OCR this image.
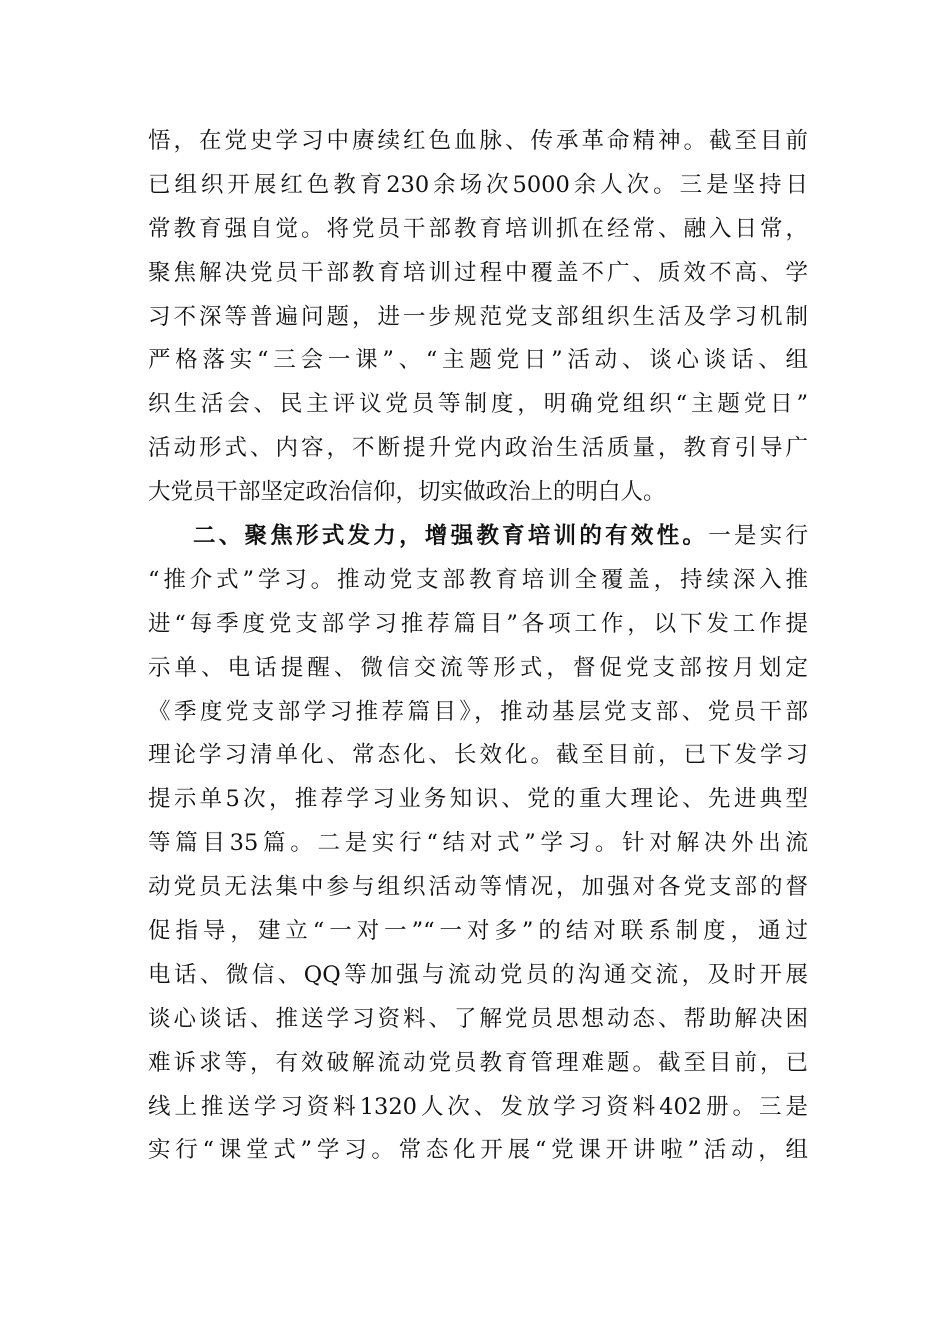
悟，在党史学习中赓续红色血脉、传承革命精神。截至目前
已组织开展红色教育230余场次5000余人次。三是坚持日
常教育强自觉。将党员干部教育培训抓在经常、融入日常，
聚焦解决党员干部教育培训过程中覆盖不广、质效不高、学
习不深等普遍问题，进一步规范党支部组织生活及学习机制
严格落实“三会一课”、“主题党日”活动、谈心谈话、组
织生活会、民主评议党员等制度，明确党组织“主题党日”
活动形式、内容，不断提升党内政治生活质量，教育引导广
大党员干部坚定政治信仰，切实做政治上的明白人。
二、聚焦形式发力，增强教育培训的有效性。一是实行
“推介式”学习。推动党支部教育培训全覆盖，持续深入推
进“每季度党支部学习推荐篇目”各项工作，以下发工作提
示单、电话提醒、微信交流等形式，督促党支部按月划定
《季度党支部学习推荐篇目》，推动基层党支部、党员干部
理论学习清单化、常态化、长效化。截至目前，已下发学习
提示单5次，推荐学习业务知识、党的重大理论、先进典型
等篇目35篇。二是实行“结对式”学习。针对解决外出流
动党员无法集中参与组织活动等情况，加强对各党支部的督
促指导，建立“一对一”“一对多”的结对联系制度，通过
电话、微信、QQ等加强与流动党员的沟通交流，及时开展
谈心谈话、推送学习资料、了解党员思想动态、帮助解决困
难诉求等，有效破解流动党员教育管理难题。截至目前，已
线上推送学习资料1320人次、发放学习资料402册。三是
实行“课堂式”学习。常态化开展“党课开讲啦”活动，组
